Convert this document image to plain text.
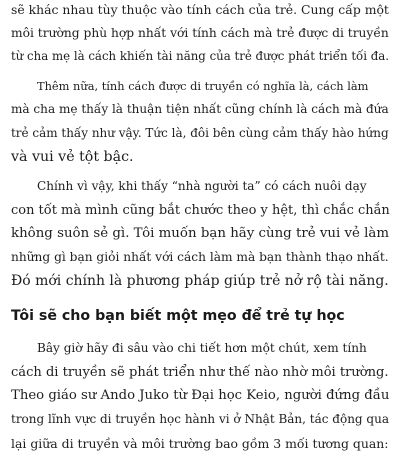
sẽ khác nhau tùy thuộc vào tính cách của trẻ. Cung cấp một
môi trường phù hợp nhất với tính cách mà trẻ được di truyền
từ cha mẹ là cách khiến tài năng của trẻ được phát triển tối đa.
Thêm nữa, tính cách được di truyền có nghĩa là, cách làm
mà cha mẹ thấy là thuận tiện nhất cũng chính là cách mà đứa
trẻ cảm thấy như vậy. Tức là, đôi bên cùng cảm thấy hào hứng
và vui vẻ tột bậc.
Chính vì vậy, khi thấy “nhà người ta” có cách nuôi dạy
con tốt mà mình cũng bắt chước theo y hệt, thì chắc chắn
không suôn sẻ gì. Tôi muốn bạn hãy cùng trẻ vui vẻ làm
những gì bạn giỏi nhất với cách làm mà bạn thành thạo nhất.
Đó mới chính là phương pháp giúp trẻ nở rộ tài năng.
Tôi sẽ cho bạn biết một mẹo để trẻ tự học
Bây giờ hãy đi sâu vào chi tiết hơn một chút, xem tính
cách di truyền sẽ phát triển như thế nào nhờ môi trường.
Theo giáo sư Ando Juko từ Đại học Keio, người đứng đầu
trong lĩnh vực di truyền học hành vi ở Nhật Bản, tác động qua
lại giữa di truyền và môi trường bao gồm 3 mối tương quan:
